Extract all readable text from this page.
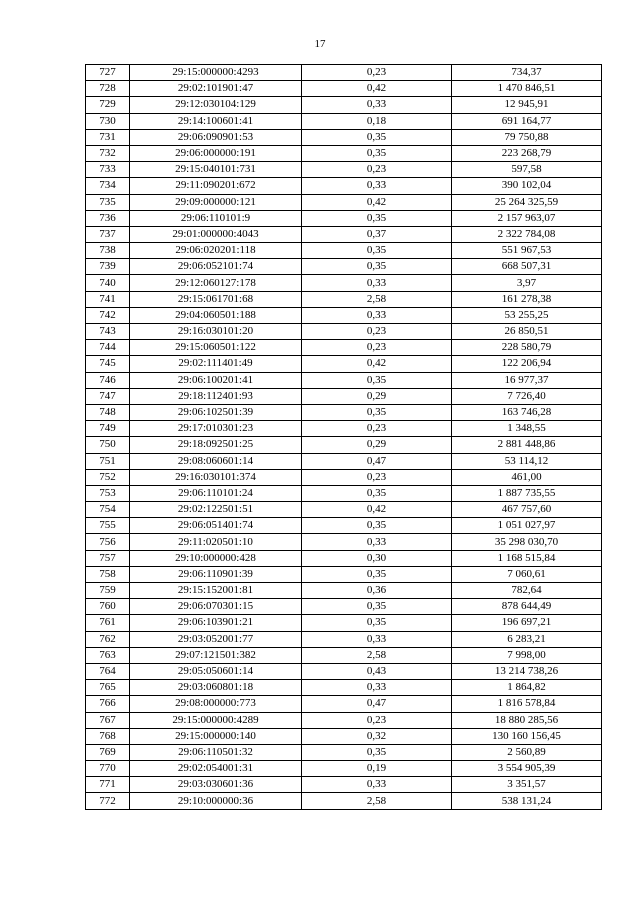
17
727	29:15:000000:4293	0,23	734,37
728	29:02:101901:47	0,42	1 470 846,51
729	29:12:030104:129	0,33	12 945,91
730	29:14:100601:41	0,18	691 164,77
731	29:06:090901:53	0,35	79 750,88
732	29:06:000000:191	0,35	223 268,79
733	29:15:040101:731	0,23	597,58
734	29:11:090201:672	0,33	390 102,04
735	29:09:000000:121	0,42	25 264 325,59
736	29:06:110101:9	0,35	2 157 963,07
737	29:01:000000:4043	0,37	2 322 784,08
738	29:06:020201:118	0,35	551 967,53
739	29:06:052101:74	0,35	668 507,31
740	29:12:060127:178	0,33	3,97
741	29:15:061701:68	2,58	161 278,38
742	29:04:060501:188	0,33	53 255,25
743	29:16:030101:20	0,23	26 850,51
744	29:15:060501:122	0,23	228 580,79
745	29:02:111401:49	0,42	122 206,94
746	29:06:100201:41	0,35	16 977,37
747	29:18:112401:93	0,29	7 726,40
748	29:06:102501:39	0,35	163 746,28
749	29:17:010301:23	0,23	1 348,55
750	29:18:092501:25	0,29	2 881 448,86
751	29:08:060601:14	0,47	53 114,12
752	29:16:030101:374	0,23	461,00
753	29:06:110101:24	0,35	1 887 735,55
754	29:02:122501:51	0,42	467 757,60
755	29:06:051401:74	0,35	1 051 027,97
756	29:11:020501:10	0,33	35 298 030,70
757	29:10:000000:428	0,30	1 168 515,84
758	29:06:110901:39	0,35	7 060,61
759	29:15:152001:81	0,36	782,64
760	29:06:070301:15	0,35	878 644,49
761	29:06:103901:21	0,35	196 697,21
762	29:03:052001:77	0,33	6 283,21
763	29:07:121501:382	2,58	7 998,00
764	29:05:050601:14	0,43	13 214 738,26
765	29:03:060801:18	0,33	1 864,82
766	29:08:000000:773	0,47	1 816 578,84
767	29:15:000000:4289	0,23	18 880 285,56
768	29:15:000000:140	0,32	130 160 156,45
769	29:06:110501:32	0,35	2 560,89
770	29:02:054001:31	0,19	3 554 905,39
771	29:03:030601:36	0,33	3 351,57
772	29:10:000000:36	2,58	538 131,24
